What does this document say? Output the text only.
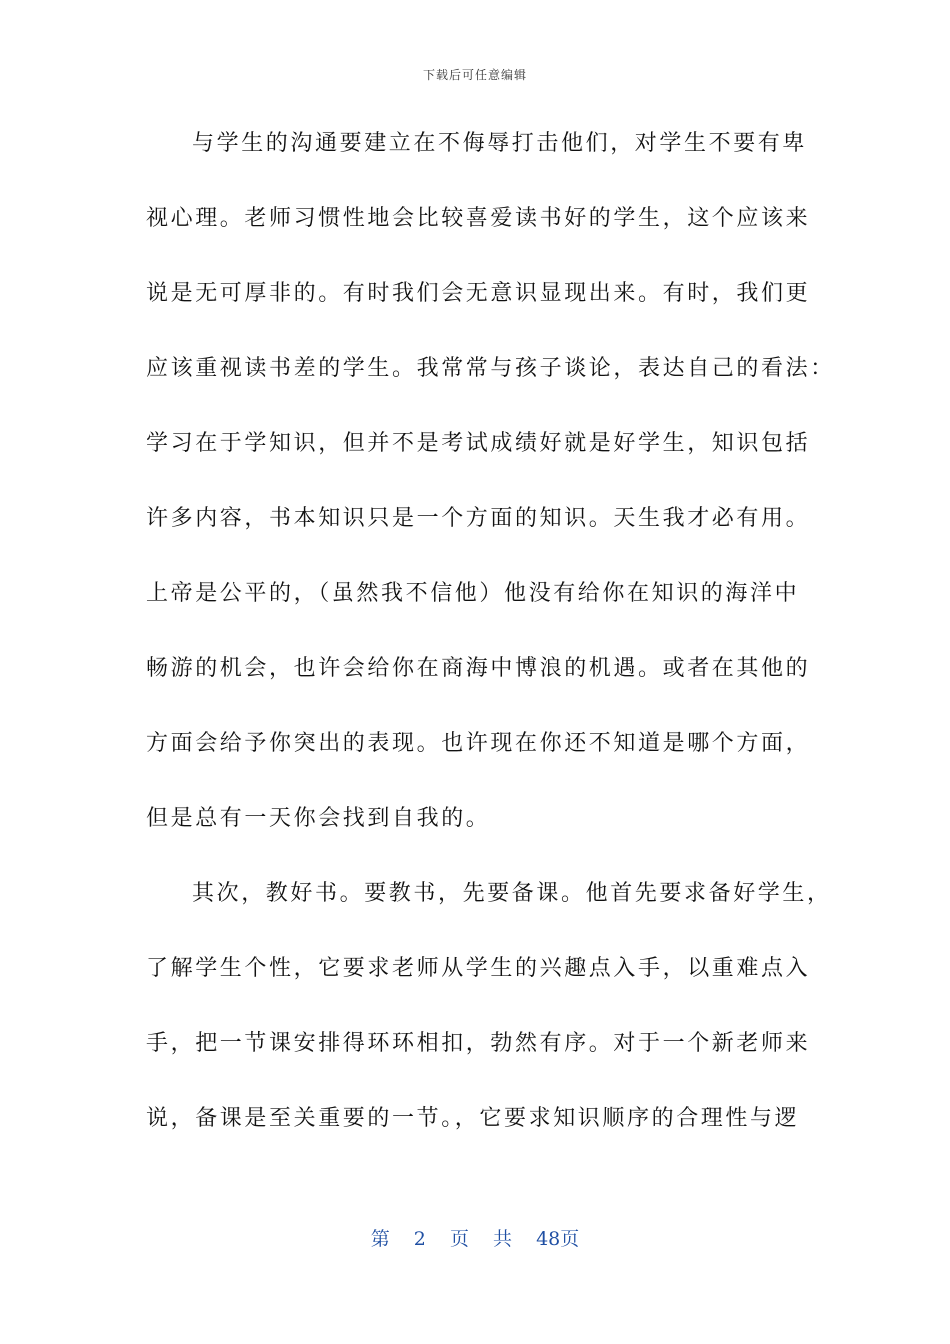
下载后可任意编辑
与学生的沟通要建立在不侮辱打击他们，对学生不要有卑
视心理。老师习惯性地会比较喜爱读书好的学生，这个应该来
说是无可厚非的。有时我们会无意识显现出来。有时，我们更
应该重视读书差的学生。我常常与孩子谈论，表达自己的看法：
学习在于学知识，但并不是考试成绩好就是好学生，知识包括
许多内容，书本知识只是一个方面的知识。天生我才必有用。
上帝是公平的，（虽然我不信他）他没有给你在知识的海洋中
畅游的机会，也许会给你在商海中博浪的机遇。或者在其他的
方面会给予你突出的表现。也许现在你还不知道是哪个方面，
但是总有一天你会找到自我的。
其次，教好书。要教书，先要备课。他首先要求备好学生，
了解学生个性，它要求老师从学生的兴趣点入手，以重难点入
手，把一节课安排得环环相扣，勃然有序。对于一个新老师来
说，备课是至关重要的一节。，它要求知识顺序的合理性与逻
第 2 页 共 48页
